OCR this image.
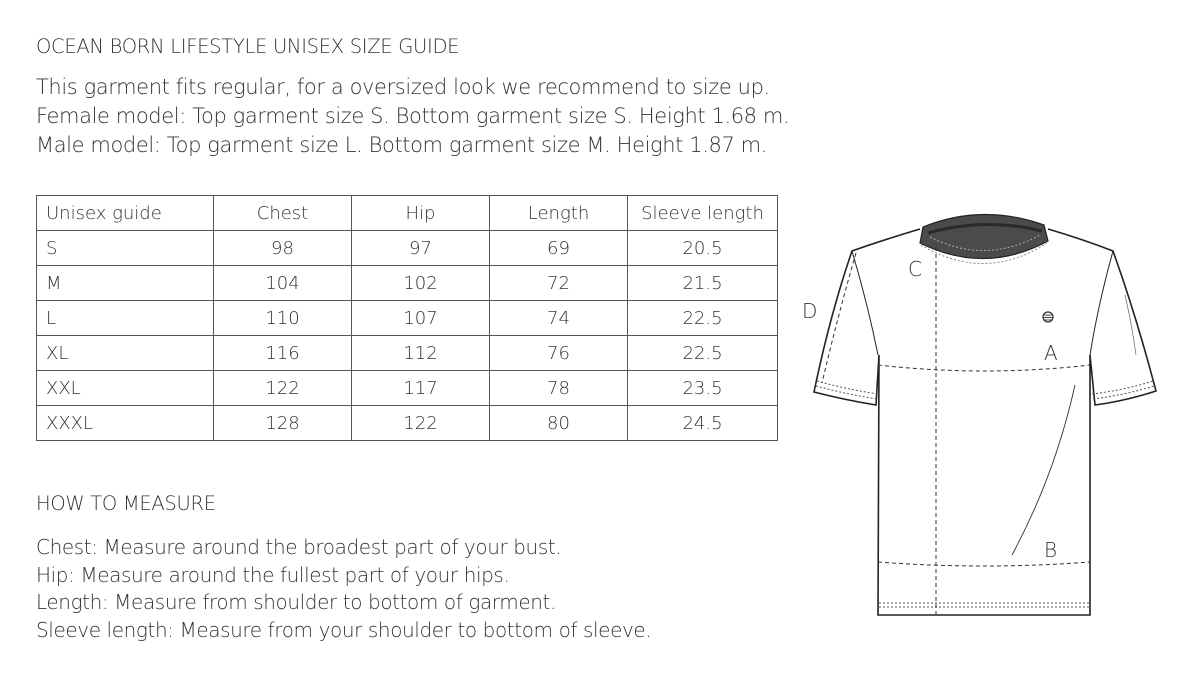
OCEAN BORN LIFESTYLE UNISEX SIZE GUIDE
This garment fits regular, for a oversized look we recommend to size up.
Female model: Top garment size S. Bottom garment size S. Height 1.68 m.
Male model: Top garment size L. Bottom garment size M. Height 1.87 m.
Unisex guide	Chest	Hip	Length	Sleeve length
S	98	97	69	20.5
M	104	102	72	21.5
L	110	107	74	22.5
XL	116	112	76	22.5
XXL	122	117	78	23.5
XXXL	128	122	80	24.5
HOW TO MEASURE
Chest: Measure around the broadest part of your bust.
Hip: Measure around the fullest part of your hips.
Length: Measure from shoulder to bottom of garment.
Sleeve length: Measure from your shoulder to bottom of sleeve.
C
D
A
B
